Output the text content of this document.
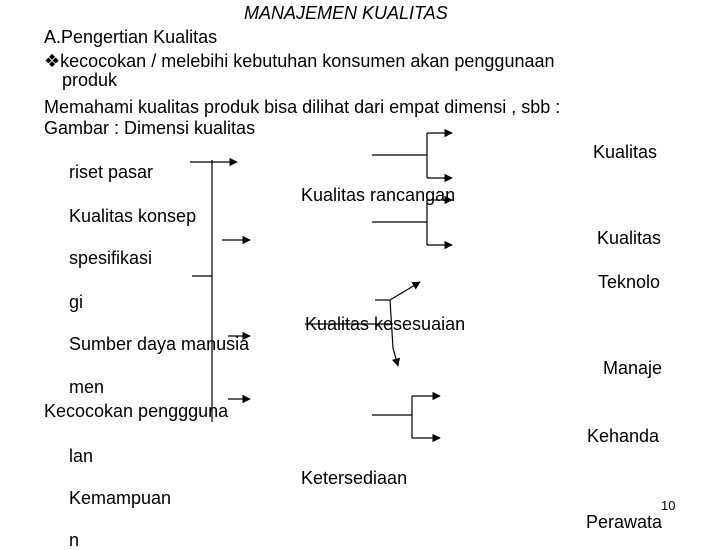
MANAJEMEN KUALITAS
A.Pengertian Kualitas
❖kecocokan / melebihi kebutuhan konsumen akan penggunaan
produk
Memahami kualitas produk bisa dilihat dari empat dimensi , sbb :
Gambar : Dimensi kualitas
riset pasar
Kualitas konsep
spesifikasi
gi
Sumber daya manusia
men
Kecocokan penggguna
lan
Kemampuan
n
Kualitas rancangan
Kualitas kesesuaian
Ketersediaan
Kualitas
Kualitas
Teknolo
Manaje
Kehanda
Perawata
10
